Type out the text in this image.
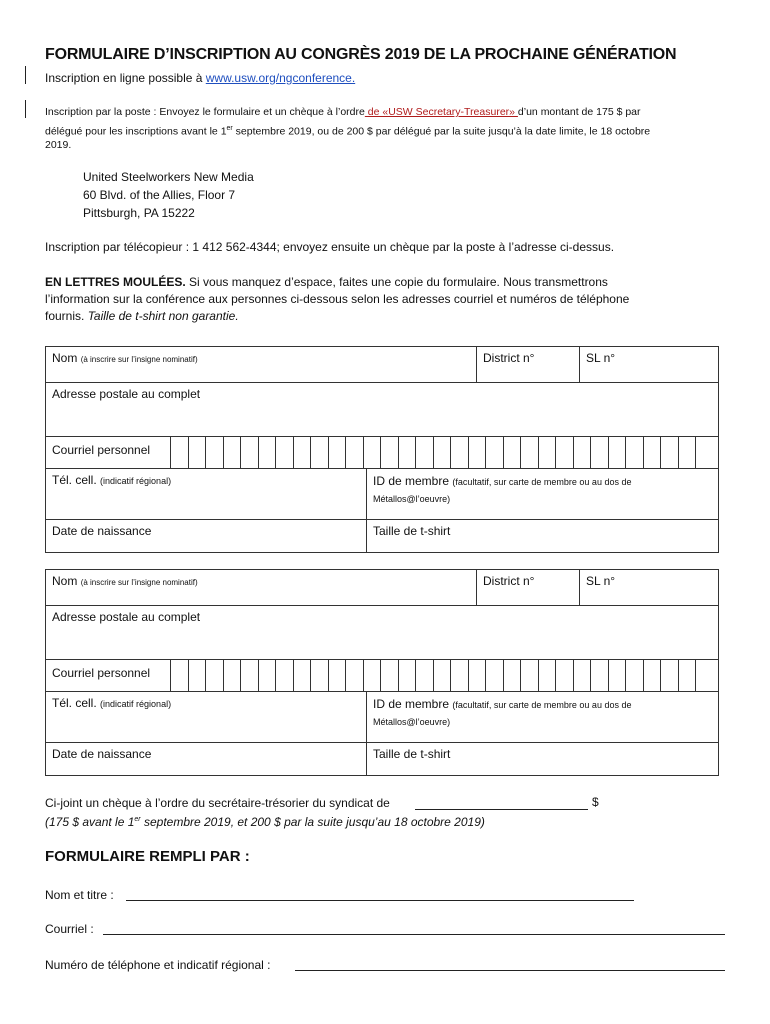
FORMULAIRE D’INSCRIPTION AU CONGRÈS 2019 DE LA PROCHAINE GÉNÉRATION
Inscription en ligne possible à www.usw.org/ngconference.
Inscription par la poste : Envoyez le formulaire et un chèque à l’ordre de «USW Secretary-Treasurer» d’un montant de 175 $ par
délégué pour les inscriptions avant le 1er septembre 2019, ou de 200 $ par délégué par la suite jusqu’à la date limite, le 18 octobre
2019.
United Steelworkers New Media
60 Blvd. of the Allies, Floor 7
Pittsburgh, PA 15222
Inscription par télécopieur : 1 412 562-4344; envoyez ensuite un chèque par la poste à l’adresse ci-dessus.
EN LETTRES MOULÉES. Si vous manquez d’espace, faites une copie du formulaire. Nous transmettrons
l’information sur la conférence aux personnes ci-dessous selon les adresses courriel et numéros de téléphone
fournis. Taille de t-shirt non garantie.
Nom (à inscrire sur l’insigne nominatif)	District n°	SL n°
Adresse postale au complet
Courriel personnel
Tél. cell. (indicatif régional)	ID de membre (facultatif, sur carte de membre ou au dos de
Métallos@l’oeuvre)
Date de naissance	Taille de t-shirt
Nom (à inscrire sur l’insigne nominatif)	District n°	SL n°
Adresse postale au complet
Courriel personnel
Tél. cell. (indicatif régional)	ID de membre (facultatif, sur carte de membre ou au dos de
Métallos@l’oeuvre)
Date de naissance	Taille de t-shirt
Ci-joint un chèque à l’ordre du secrétaire-trésorier du syndicat de	$
(175 $ avant le 1er septembre 2019, et 200 $ par la suite jusqu’au 18 octobre 2019)
FORMULAIRE REMPLI PAR :
Nom et titre :
Courriel :
Numéro de téléphone et indicatif régional :
